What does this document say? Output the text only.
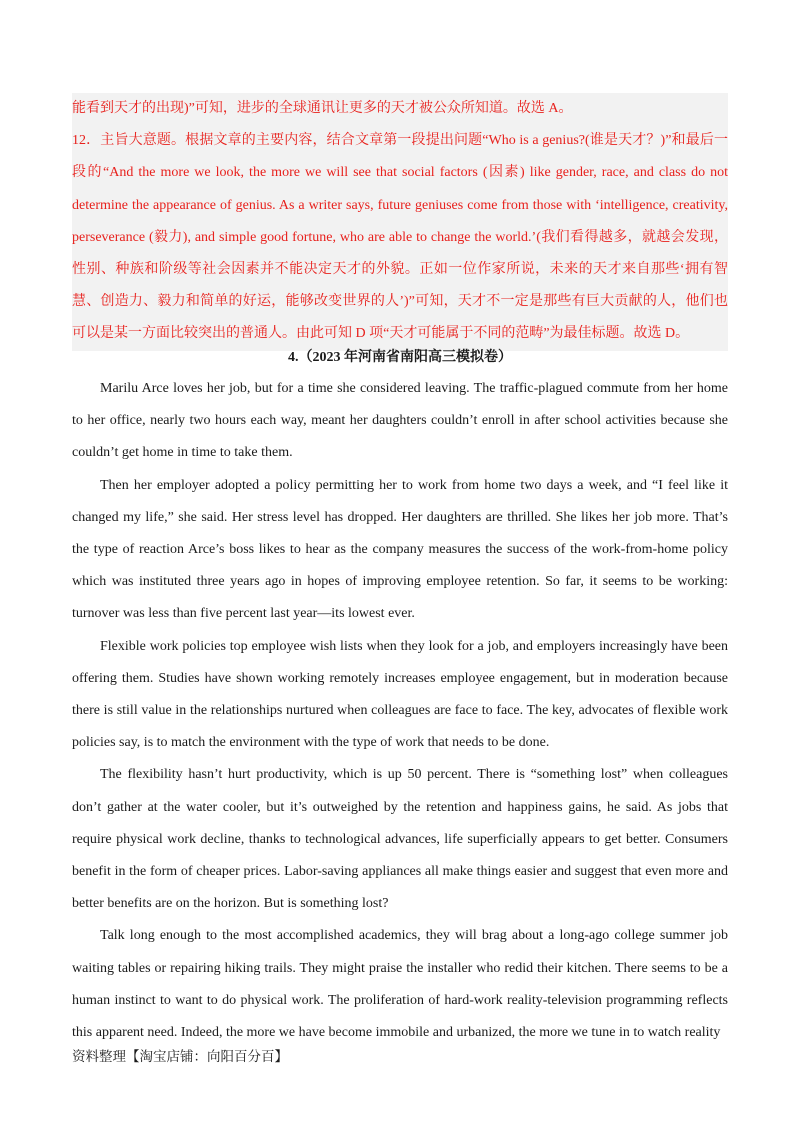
能看到天才的出现)”可知，进步的全球通讯让更多的天才被公众所知道。故选 A。

12．主旨大意题。根据文章的主要内容，结合文章第一段提出问题“Who is a genius?(谁是天才？)”和最后一段的“And the more we look, the more we will see that social factors (因素) like gender, race, and class do not determine the appearance of genius. As a writer says, future geniuses come from those with ‘intelligence, creativity, perseverance (毅力), and simple good fortune, who are able to change the world.’(我们看得越多，就越会发现，性别、种族和阶级等社会因素并不能决定天才的外貌。正如一位作家所说，未来的天才来自那些‘拥有智慧、创造力、毅力和简单的好运，能够改变世界的人’)”可知，天才不一定是那些有巨大贡献的人，他们也可以是某一方面比较突出的普通人。由此可知 D 项“天才可能属于不同的范畴”为最佳标题。故选 D。

4.（2023 年河南省南阳高三模拟卷）

Marilu Arce loves her job, but for a time she considered leaving. The traffic-plagued commute from her home to her office, nearly two hours each way, meant her daughters couldn’t enroll in after school activities because she couldn’t get home in time to take them.

Then her employer adopted a policy permitting her to work from home two days a week, and “I feel like it changed my life,” she said. Her stress level has dropped. Her daughters are thrilled. She likes her job more. That’s the type of reaction Arce’s boss likes to hear as the company measures the success of the work-from-home policy which was instituted three years ago in hopes of improving employee retention. So far, it seems to be working: turnover was less than five percent last year—its lowest ever.

Flexible work policies top employee wish lists when they look for a job, and employers increasingly have been offering them. Studies have shown working remotely increases employee engagement, but in moderation because there is still value in the relationships nurtured when colleagues are face to face. The key, advocates of flexible work policies say, is to match the environment with the type of work that needs to be done.

The flexibility hasn’t hurt productivity, which is up 50 percent. There is “something lost” when colleagues don’t gather at the water cooler, but it’s outweighed by the retention and happiness gains, he said. As jobs that require physical work decline, thanks to technological advances, life superficially appears to get better. Consumers benefit in the form of cheaper prices. Labor-saving appliances all make things easier and suggest that even more and better benefits are on the horizon. But is something lost?

Talk long enough to the most accomplished academics, they will brag about a long-ago college summer job waiting tables or repairing hiking trails. They might praise the installer who redid their kitchen. There seems to be a human instinct to want to do physical work. The proliferation of hard-work reality-television programming reflects this apparent need. Indeed, the more we have become immobile and urbanized, the more we tune in to watch reality

资料整理【淘宝店铺：向阳百分百】
